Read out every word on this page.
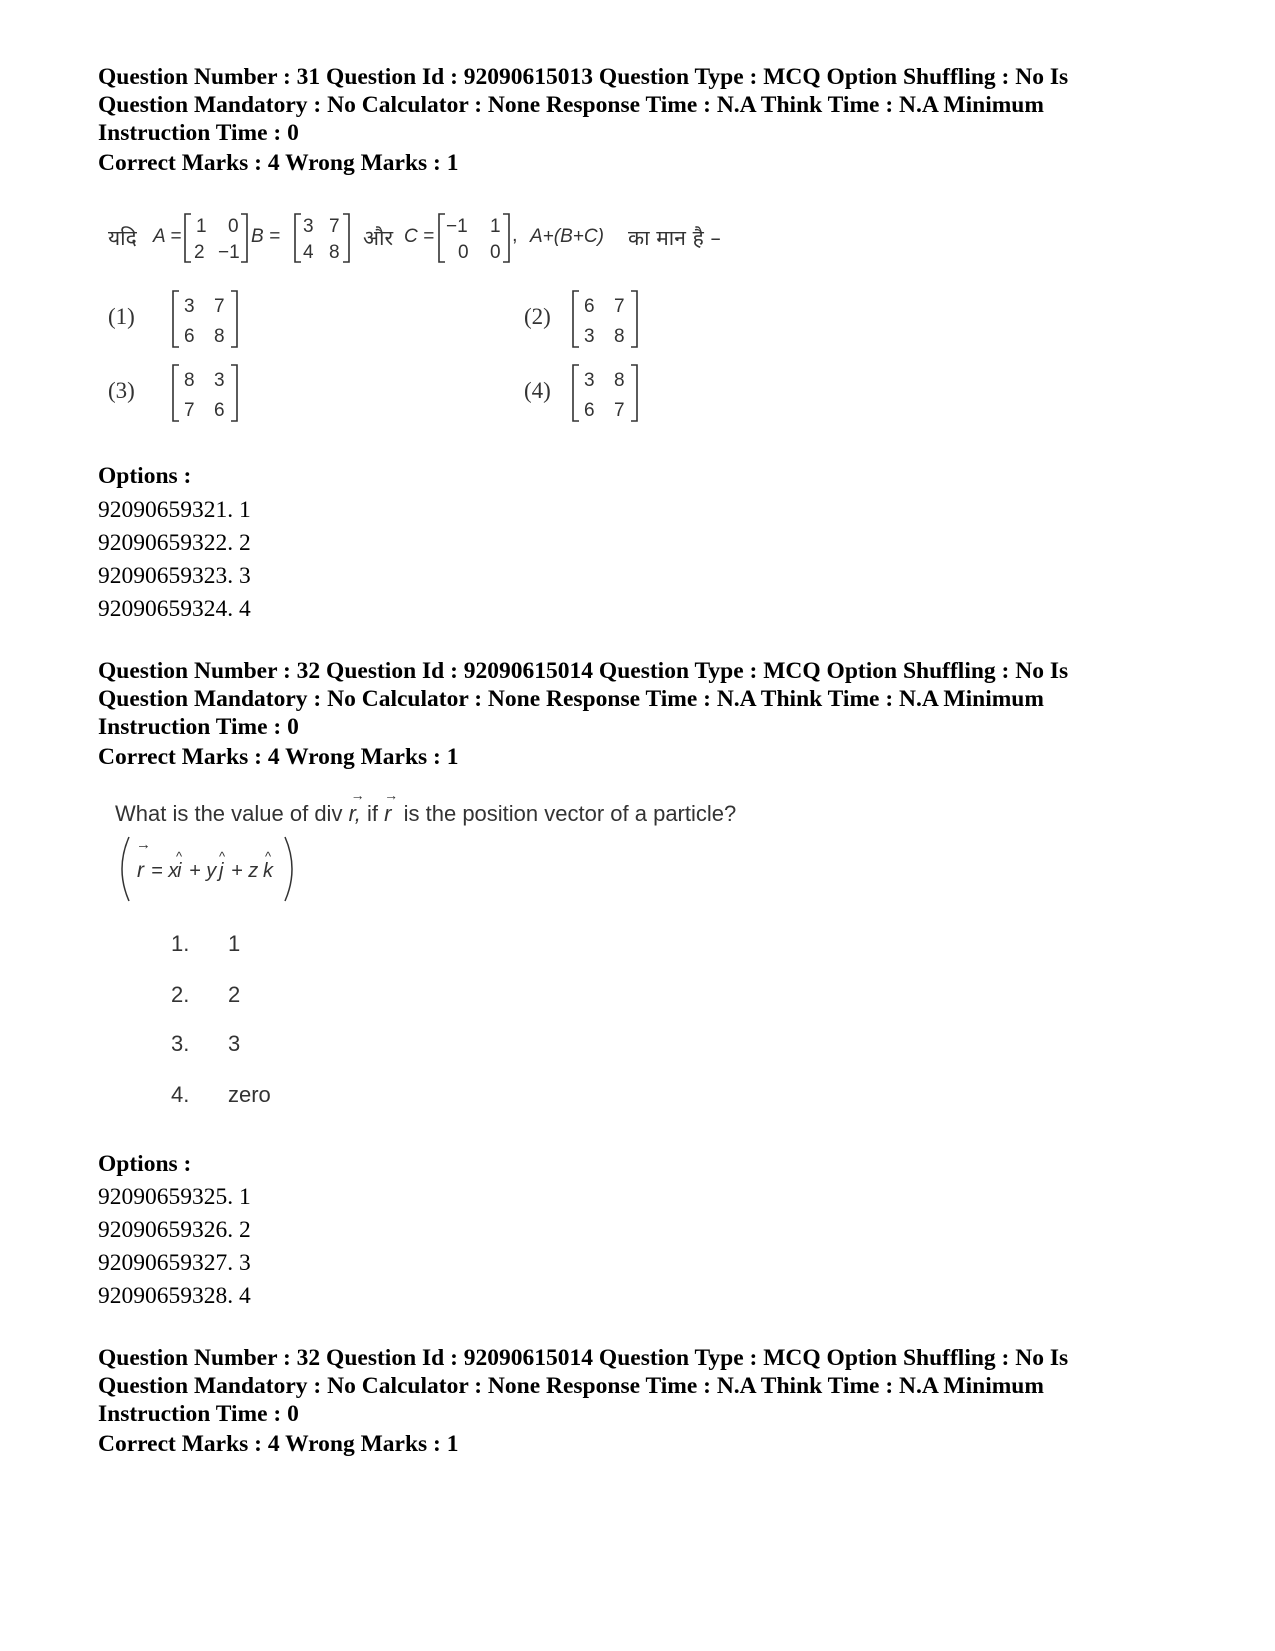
Question Number : 31 Question Id : 92090615013 Question Type : MCQ Option Shuffling : No Is
Question Mandatory : No Calculator : None Response Time : N.A Think Time : N.A Minimum
Instruction Time : 0
Correct Marks : 4 Wrong Marks : 1
यदि A = 1 0
2 −1
B = 3 7
4 8
और C = −1 1
0 0
, A+(B+C) का मान है –
(1)	3 7
6 8
(2) 6 7
3 8
(3)	8 3
7 6
(4) 3 8
6 7
Options :
92090659321. 1
92090659322. 2
92090659323. 3
92090659324. 4
Question Number : 32 Question Id : 92090615014 Question Type : MCQ Option Shuffling : No Is
Question Mandatory : No Calculator : None Response Time : N.A Think Time : N.A Minimum
Instruction Time : 0
Correct Marks : 4 Wrong Marks : 1
What is the value of div
→
r, if
→
r is the position vector of a particle?
→
r = x
i
^
+ y j
^
+ z k
^
1. 1
2. 2
3. 3
4. zero
Options :
92090659325. 1
92090659326. 2
92090659327. 3
92090659328. 4
Question Number : 32 Question Id : 92090615014 Question Type : MCQ Option Shuffling : No Is
Question Mandatory : No Calculator : None Response Time : N.A Think Time : N.A Minimum
Instruction Time : 0
Correct Marks : 4 Wrong Marks : 1
